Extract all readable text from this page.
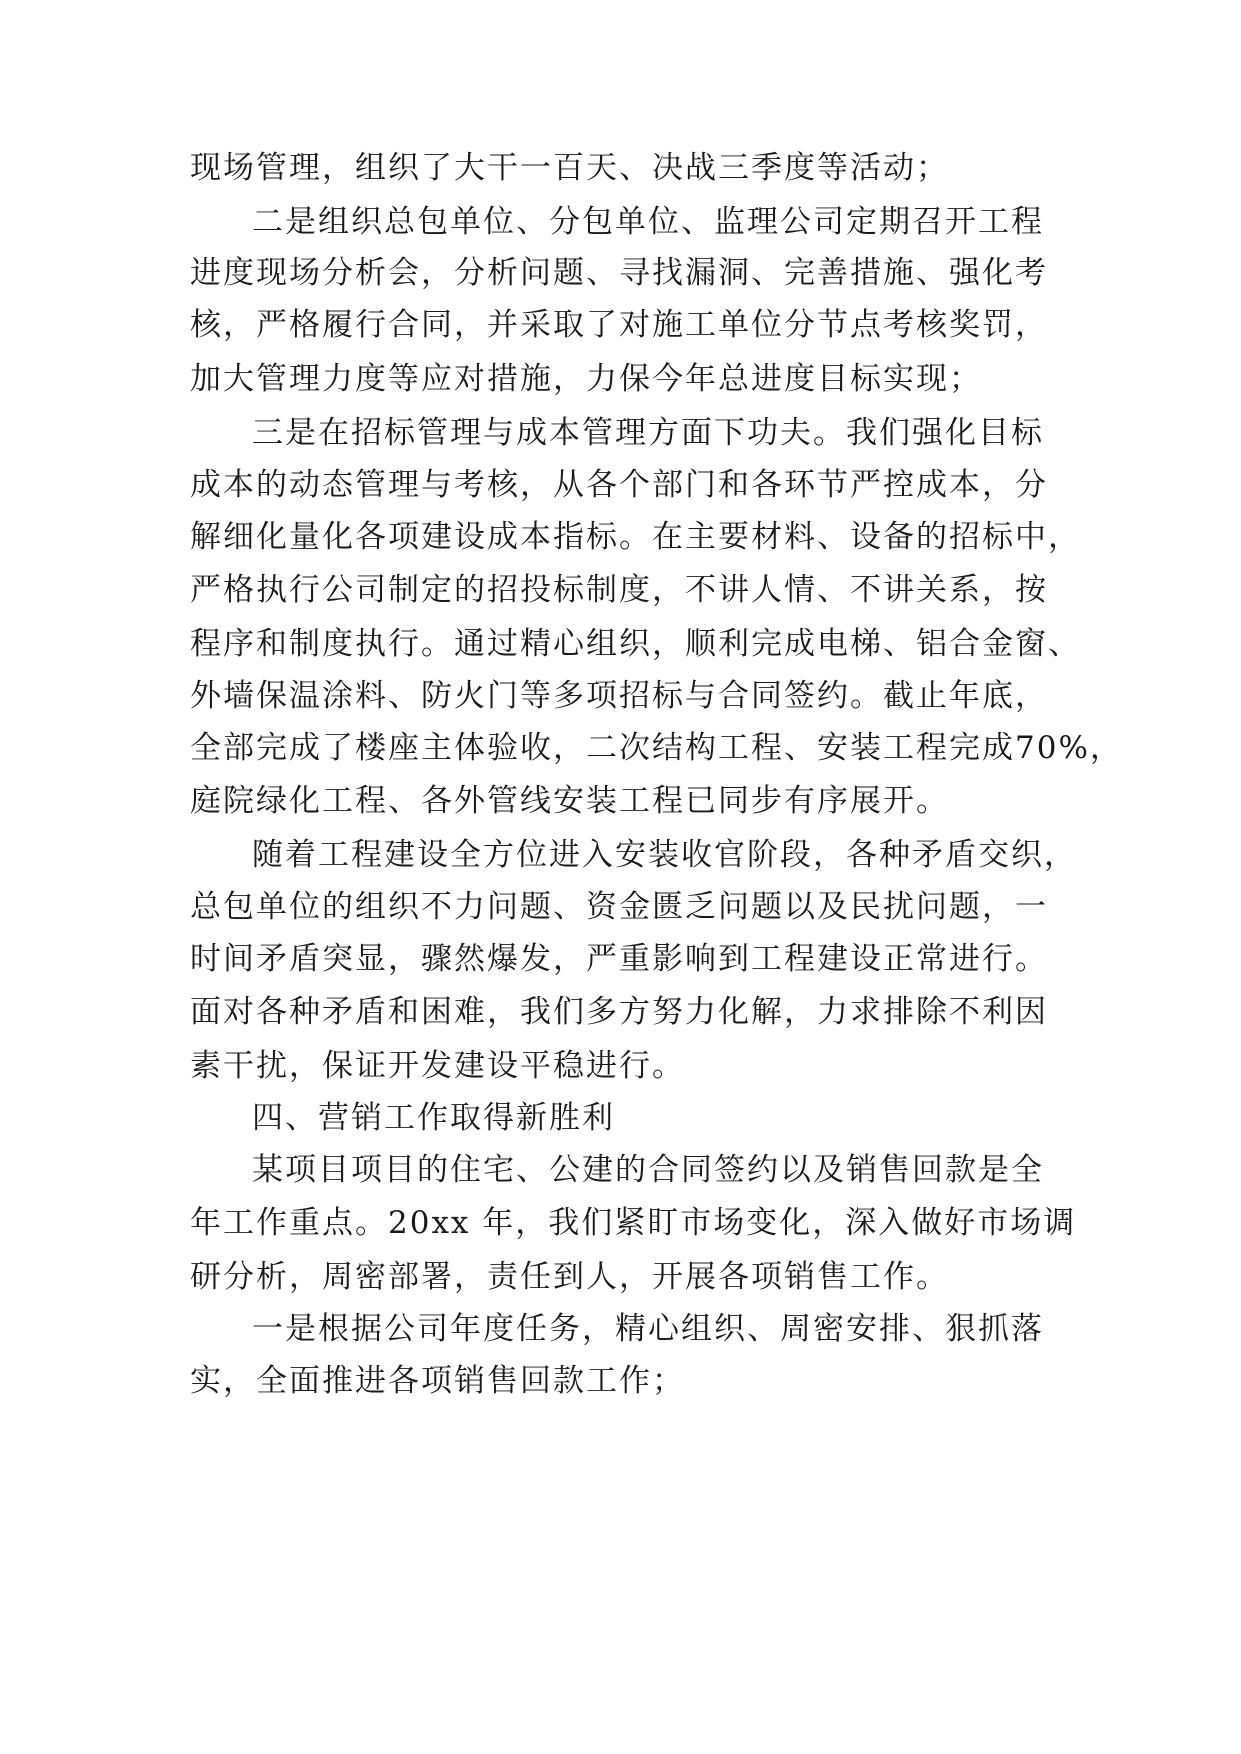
现场管理，组织了大干一百天、决战三季度等活动；
二是组织总包单位、分包单位、监理公司定期召开工程
进度现场分析会，分析问题、寻找漏洞、完善措施、强化考
核，严格履行合同，并采取了对施工单位分节点考核奖罚，
加大管理力度等应对措施，力保今年总进度目标实现；
三是在招标管理与成本管理方面下功夫。我们强化目标
成本的动态管理与考核，从各个部门和各环节严控成本，分
解细化量化各项建设成本指标。在主要材料、设备的招标中，
严格执行公司制定的招投标制度，不讲人情、不讲关系，按
程序和制度执行。通过精心组织，顺利完成电梯、铝合金窗、
外墙保温涂料、防火门等多项招标与合同签约。截止年底，
全部完成了楼座主体验收，二次结构工程、安装工程完成70%，
庭院绿化工程、各外管线安装工程已同步有序展开。
随着工程建设全方位进入安装收官阶段，各种矛盾交织，
总包单位的组织不力问题、资金匮乏问题以及民扰问题，一
时间矛盾突显，骤然爆发，严重影响到工程建设正常进行。
面对各种矛盾和困难，我们多方努力化解，力求排除不利因
素干扰，保证开发建设平稳进行。
四、营销工作取得新胜利
某项目项目的住宅、公建的合同签约以及销售回款是全
年工作重点。20xx 年，我们紧盯市场变化，深入做好市场调
研分析，周密部署，责任到人，开展各项销售工作。
一是根据公司年度任务，精心组织、周密安排、狠抓落
实，全面推进各项销售回款工作；
